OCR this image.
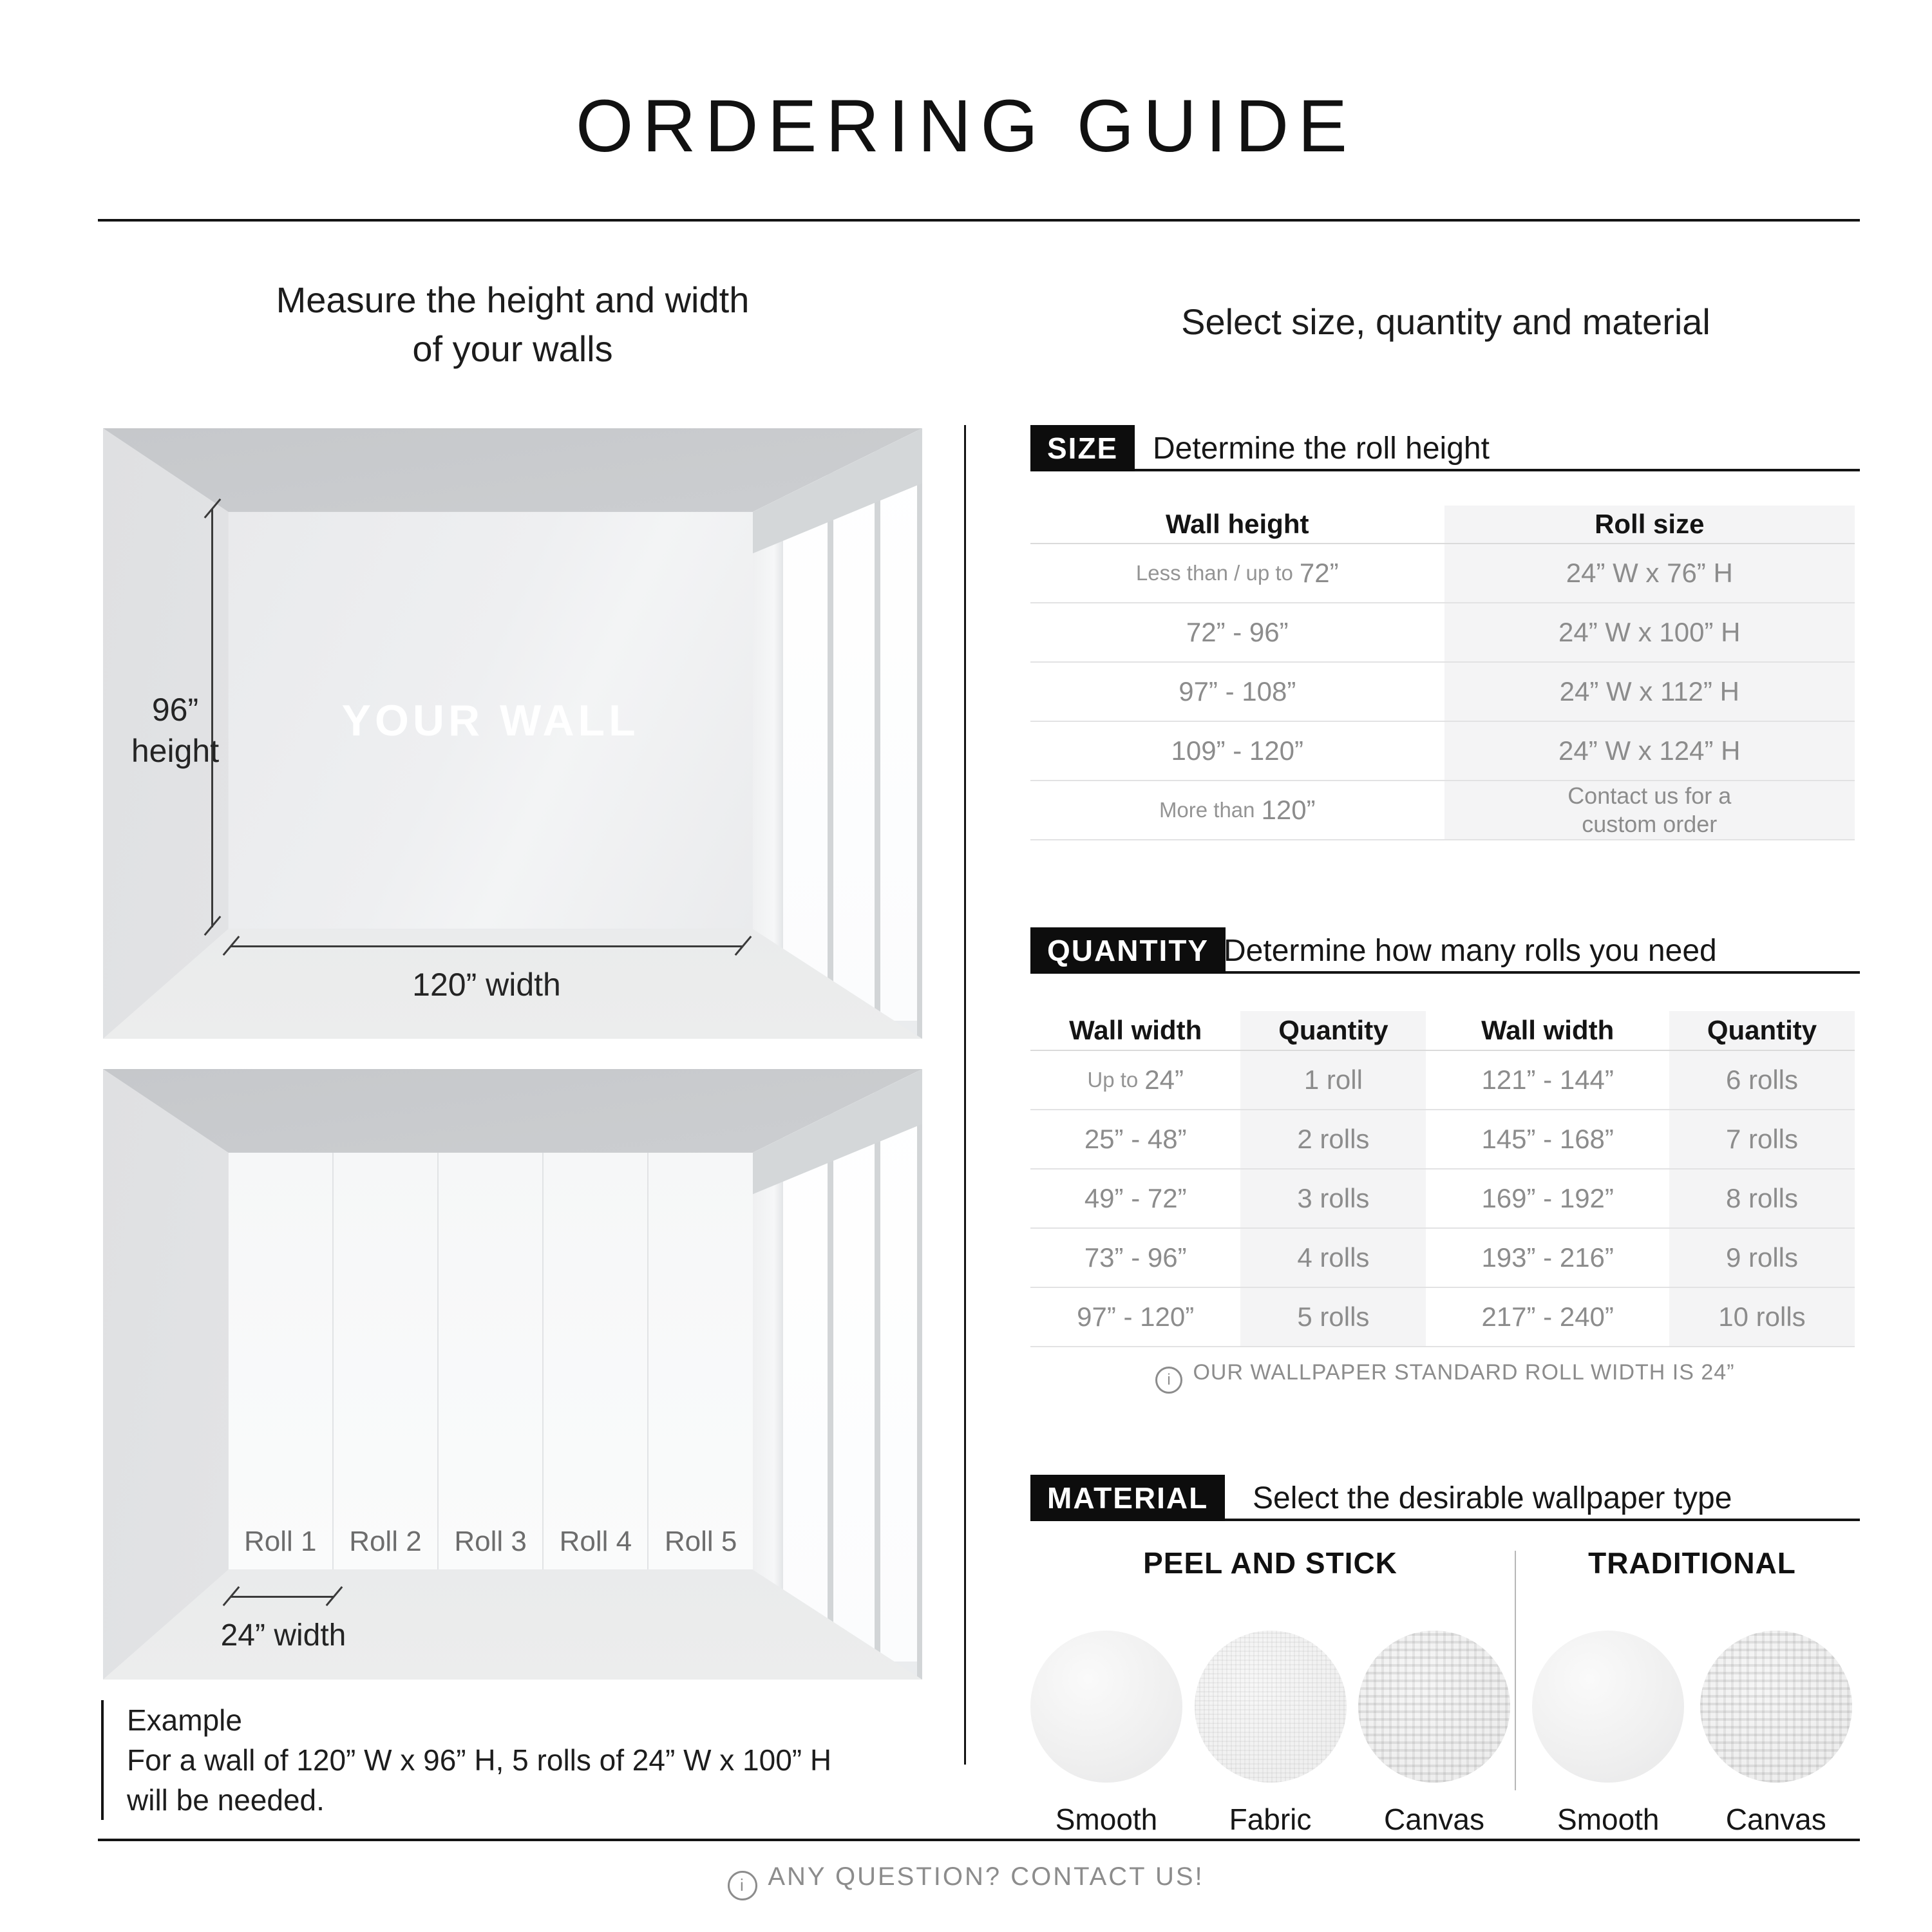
ORDERING GUIDE
Measure the height and width
of your walls
YOUR WALL
96”
height
120” width
Roll 1	Roll 2	Roll 3	Roll 4	Roll 5
24” width
Example
For a wall of 120” W x 96” H, 5 rolls of 24” W x 100” H
will be needed.
Select size, quantity and material
SIZE	Determine the roll height
Wall height	Roll size
Less than / up to 72”	24” W x 76” H
72” - 96”	24” W x 100” H
97” - 108”	24” W x 112” H
109” - 120”	24” W x 124” H
More than 120”	Contact us for a
custom order
QUANTITY Determine how many rolls you need
Wall width	Quantity	Wall width	Quantity
Up to 24”	1 roll	121” - 144”	6 rolls
25” - 48”	2 rolls	145” - 168”	7 rolls
49” - 72”	3 rolls	169” - 192”	8 rolls
73” - 96”	4 rolls	193” - 216”	9 rolls
97” - 120”	5 rolls	217” - 240”	10 rolls
i OUR WALLPAPER STANDARD ROLL WIDTH IS 24”
MATERIAL	Select the desirable wallpaper type
PEEL AND STICK
Smooth Fabric Canvas
TRADITIONAL
Smooth Canvas
i ANY QUESTION? CONTACT US!
